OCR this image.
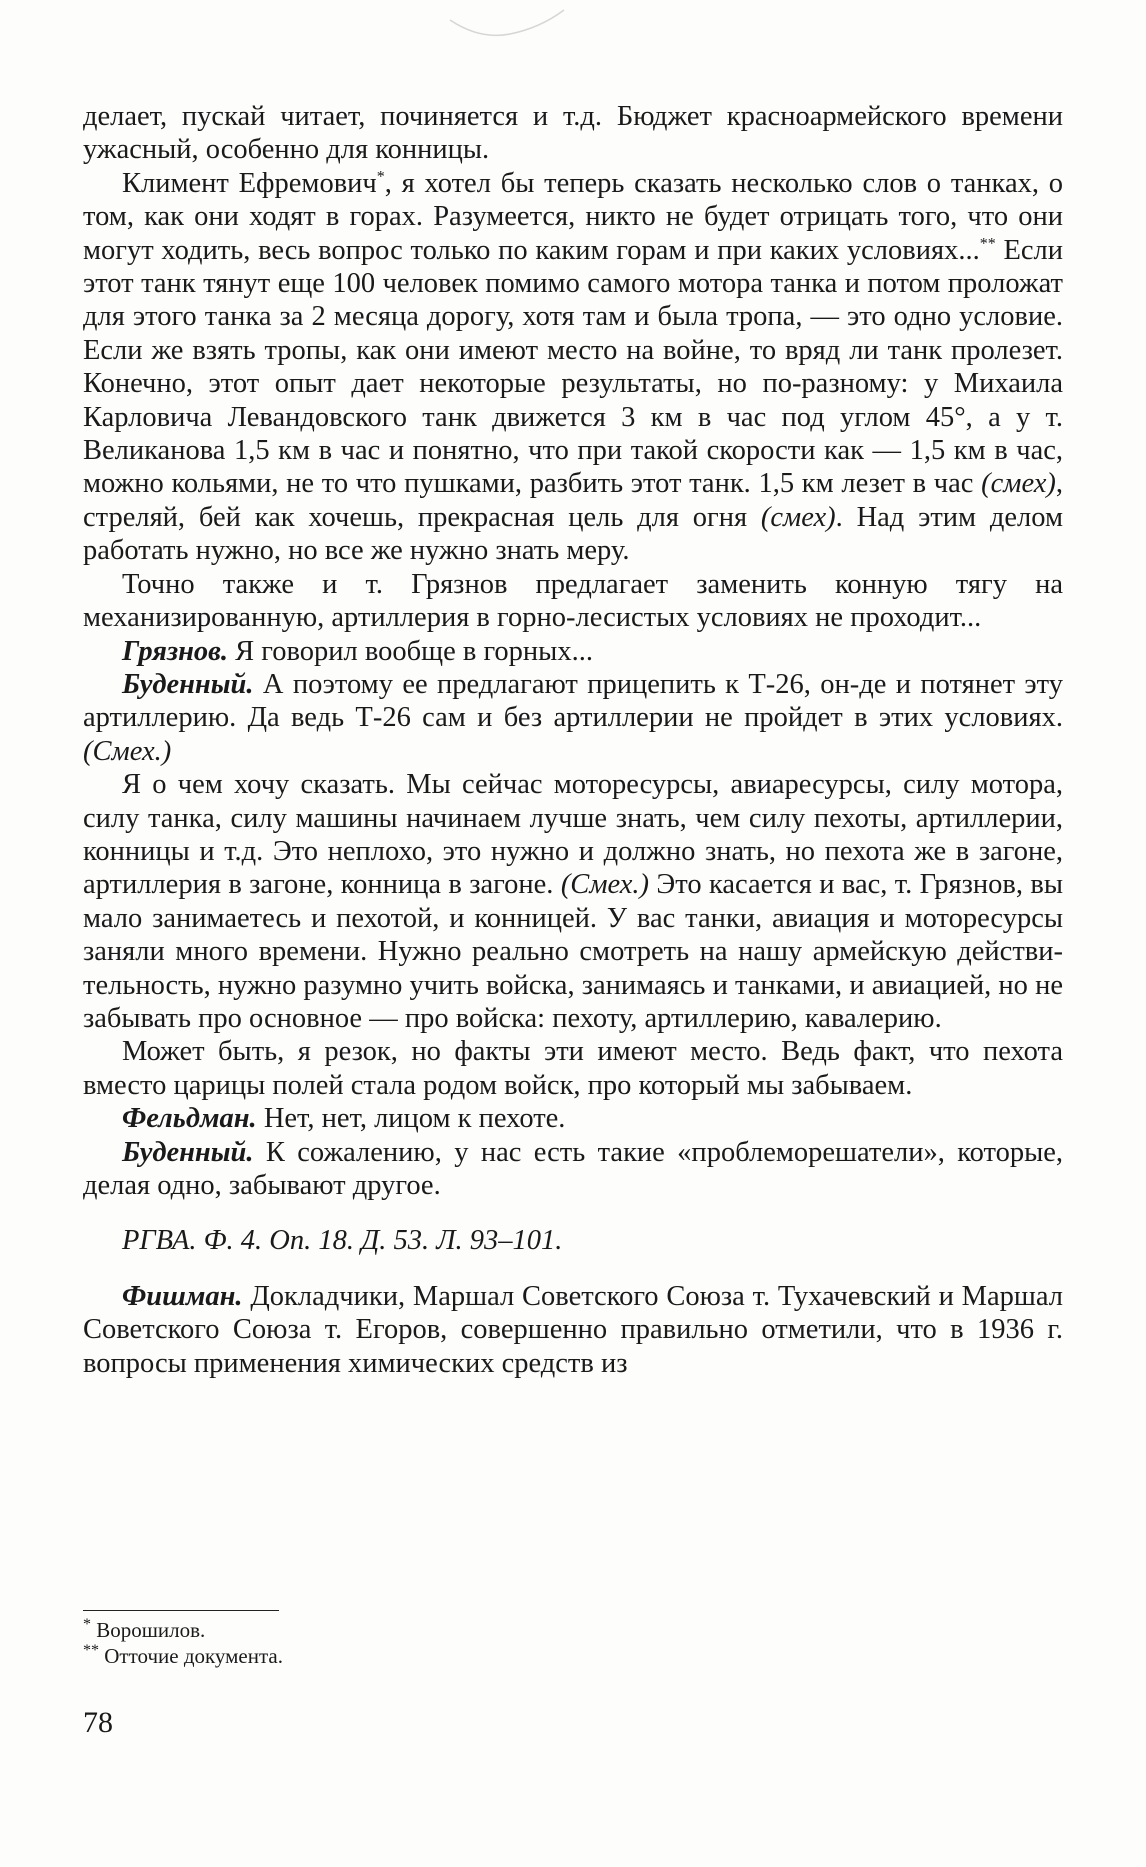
делает, пускай читает, починяется и т.д. Бюджет красноармейского времени ужасный, особенно для конницы.

Климент Ефремович*, я хотел бы теперь сказать несколько слов о танках, о том, как они ходят в горах. Разумеется, никто не будет отрицать того, что они могут ходить, весь вопрос только по каким горам и при каких условиях...** Если этот танк тянут еще 100 человек помимо самого мотора танка и потом проложат для этого танка за 2 месяца дорогу, хотя там и была тропа, — это одно условие. Если же взять тропы, как они имеют место на войне, то вряд ли танк пролезет. Конечно, этот опыт дает некоторые результаты, но по-разному: у Михаила Карловича Левандовского танк движется 3 км в час под углом 45°, а у т. Великанова 1,5 км в час и понятно, что при такой скорости как — 1,5 км в час, можно кольями, не то что пушками, разбить этот танк. 1,5 км лезет в час (смех), стреляй, бей как хочешь, прекрасная цель для огня (смех). Над этим делом работать нужно, но все же нужно знать меру.

Точно также и т. Грязнов предлагает заменить конную тягу на механизированную, артиллерия в горно-лесистых условиях не проходит...

Грязнов. Я говорил вообще в горных...

Буденный. А поэтому ее предлагают прицепить к Т-26, он-де и потянет эту артиллерию. Да ведь Т-26 сам и без артиллерии не пройдет в этих условиях. (Смех.)

Я о чем хочу сказать. Мы сейчас моторесурсы, авиаресурсы, силу мотора, силу танка, силу машины начинаем лучше знать, чем силу пехоты, артиллерии, конницы и т.д. Это неплохо, это нужно и должно знать, но пехота же в загоне, артиллерия в загоне, конница в загоне. (Смех.) Это касается и вас, т. Грязнов, вы мало занимаетесь и пехотой, и конницей. У вас танки, авиация и моторесурсы заняли много времени. Нужно реально смотреть на нашу армейскую действительность, нужно разумно учить войска, занимаясь и танками, и авиацией, но не забывать про основное — про войска: пехоту, артиллерию, кавалерию.

Может быть, я резок, но факты эти имеют место. Ведь факт, что пехота вместо царицы полей стала родом войск, про который мы забываем.

Фельдман. Нет, нет, лицом к пехоте.

Буденный. К сожалению, у нас есть такие «проблеморешатели», которые, делая одно, забывают другое.

РГВА. Ф. 4. Оп. 18. Д. 53. Л. 93–101.

Фишман. Докладчики, Маршал Советского Союза т. Тухачевский и Маршал Советского Союза т. Егоров, совершенно правильно отметили, что в 1936 г. вопросы применения химических средств из

* Ворошилов.
** Отточие документа.
78
